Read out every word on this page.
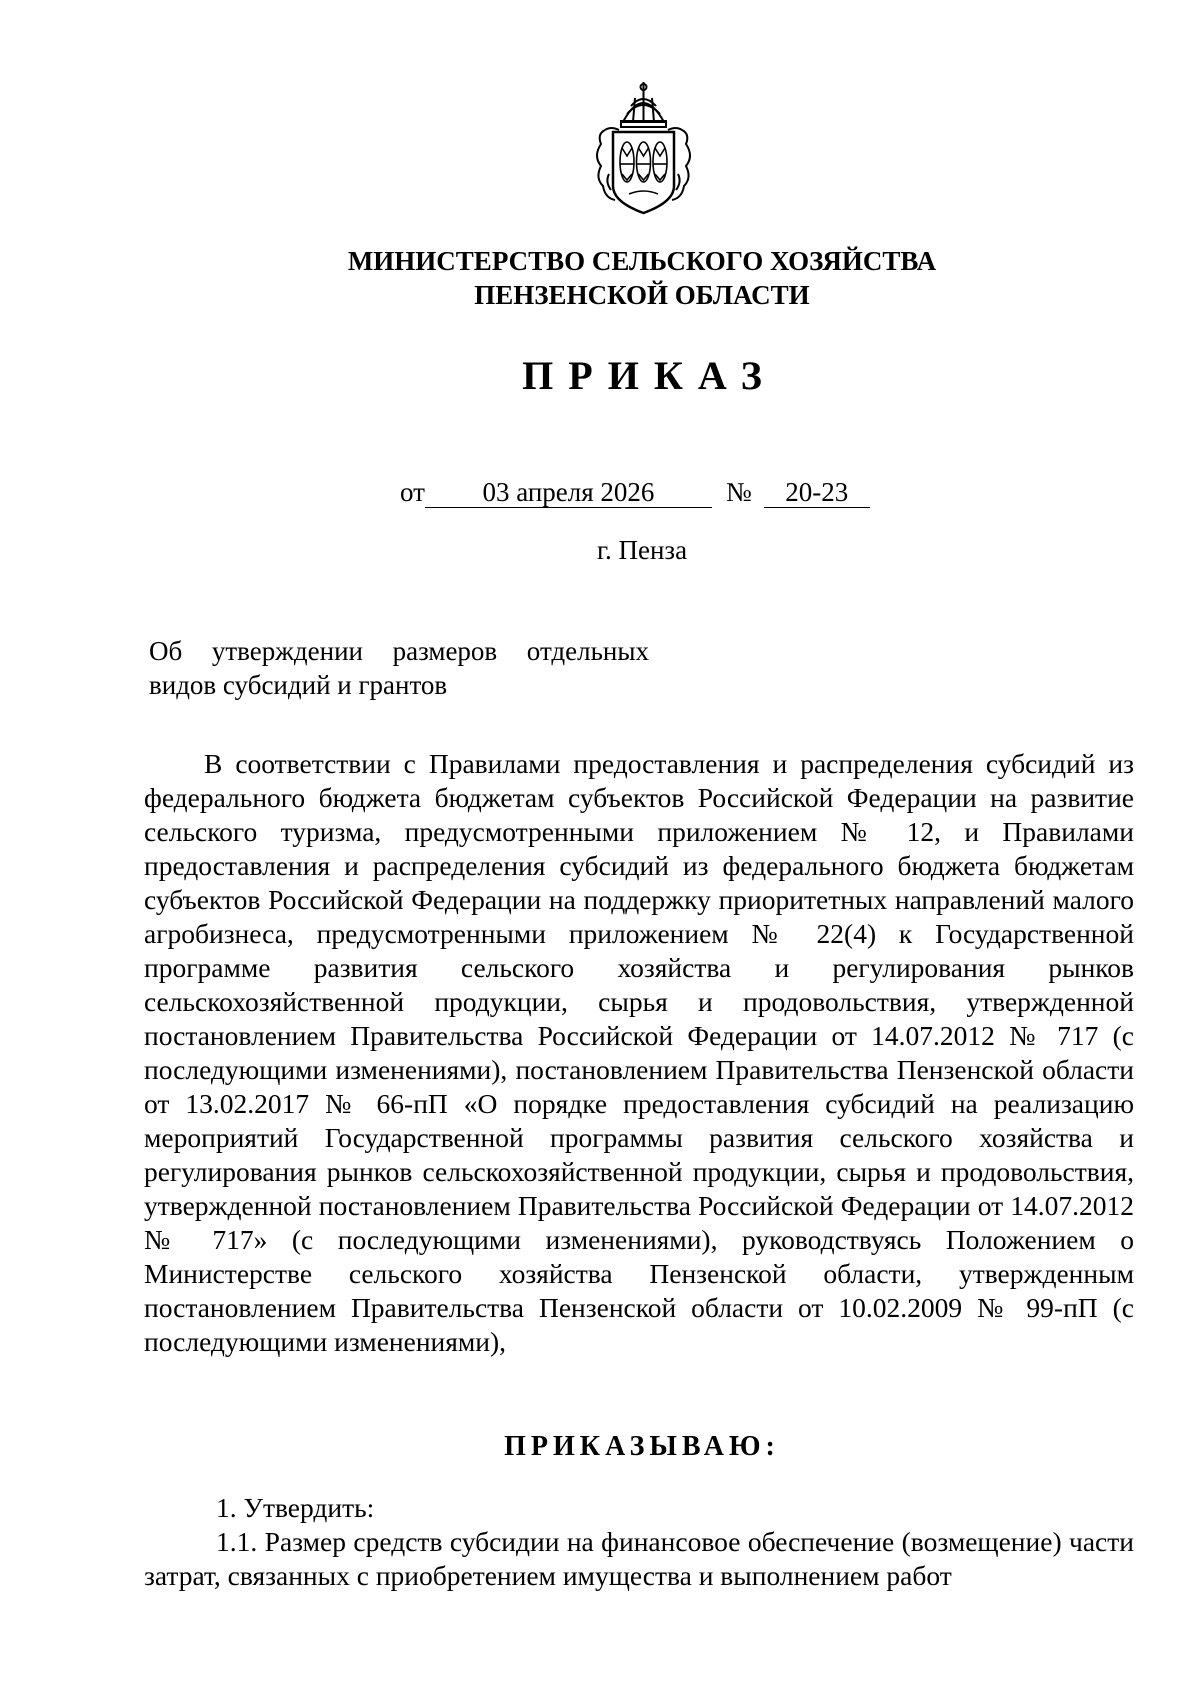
МИНИСТЕРСТВО СЕЛЬСКОГО ХОЗЯЙСТВА
ПЕНЗЕНСКОЙ ОБЛАСТИ
ПРИКАЗ
от 03 апреля 2026	№ 20-23
г. Пенза
Об утверждении размеров отдельных
видов субсидий и грантов

В соответствии с Правилами предоставления и распределения субсидий из федерального бюджета бюджетам субъектов Российской Федерации на развитие сельского туризма, предусмотренными приложением № 12, и Правилами предоставления и распределения субсидий из федерального бюджета бюджетам субъектов Российской Федерации на поддержку приоритетных направлений малого агробизнеса, предусмотренными приложением № 22(4) к Государственной программе развития сельского хозяйства и регулирования рынков сельскохозяйственной продукции, сырья и продовольствия, утвержденной постановлением Правительства Российской Федерации от 14.07.2012 № 717 (с последующими изменениями), постановлением Правительства Пензенской области от 13.02.2017 № 66-пП «О порядке предоставления субсидий на реализацию мероприятий Государственной программы развития сельского хозяйства и регулирования рынков сельскохозяйственной продукции, сырья и продовольствия, утвержденной постановлением Правительства Российской Федерации от 14.07.2012 № 717» (с последующими изменениями), руководствуясь Положением о Министерстве сельского хозяйства Пензенской области, утвержденным постановлением Правительства Пензенской области от 10.02.2009 № 99-пП (с последующими изменениями),

ПРИКАЗЫВАЮ:

1. Утвердить:

1.1. Размер средств субсидии на финансовое обеспечение (возмещение) части затрат, связанных с приобретением имущества и выполнением работ
